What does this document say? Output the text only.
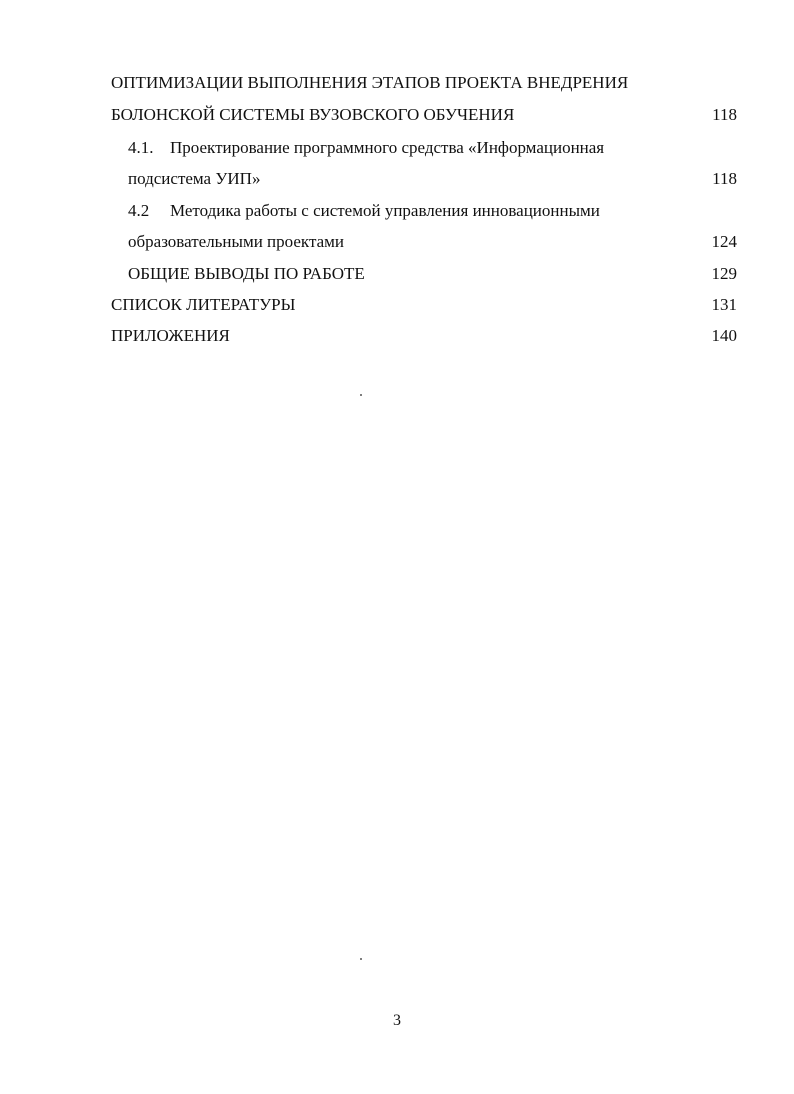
ОПТИМИЗАЦИИ ВЫПОЛНЕНИЯ ЭТАПОВ ПРОЕКТА ВНЕДРЕНИЯ
БОЛОНСКОЙ СИСТЕМЫ ВУЗОВСКОГО ОБУЧЕНИЯ	118
4.1. Проектирование программного средства «Информационная
подсистема УИП»	118
4.2 Методика работы с системой управления инновационными
образовательными проектами	124
ОБЩИЕ ВЫВОДЫ ПО РАБОТЕ	129
СПИСОК ЛИТЕРАТУРЫ	131
ПРИЛОЖЕНИЯ	140
3
